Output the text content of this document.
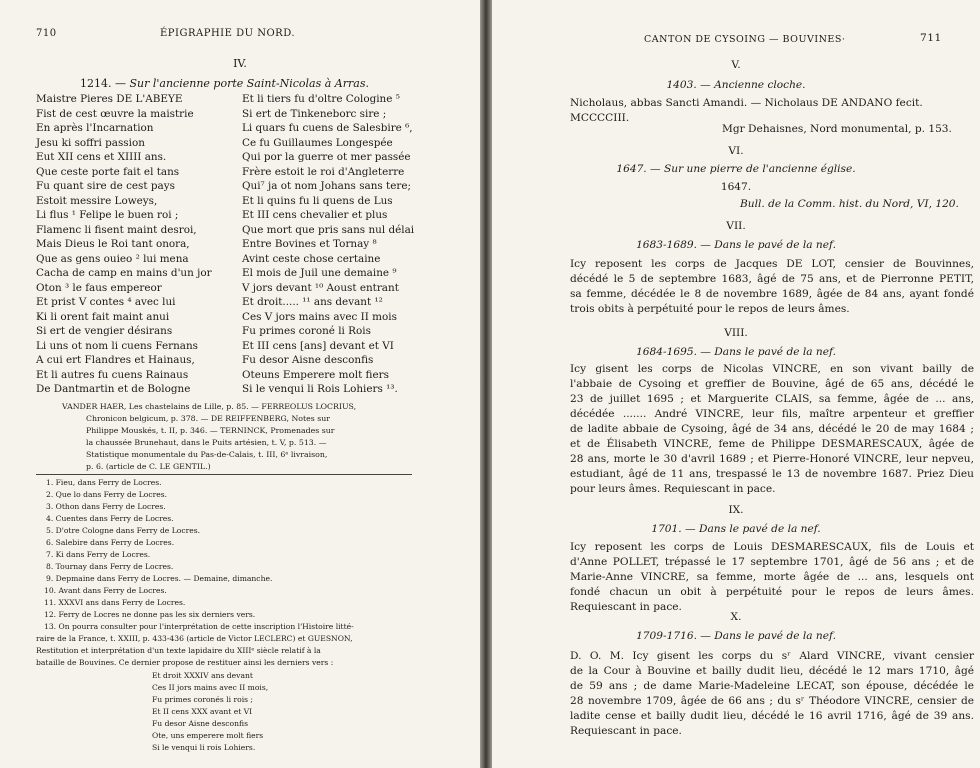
710	ÉPIGRAPHIE DU NORD.
IV.
1214. — Sur l'ancienne porte Saint-Nicolas à Arras.
Maistre Pieres DE L'ABEYE
Fist de cest œuvre la maistrie
En après l'Incarnation
Jesu ki soffri passion
Eut XII cens et XIIII ans.
Que ceste porte fait el tans
Fu quant sire de cest pays
Estoit messire Loweys,
Li flus ¹ Felipe le buen roi ;
Flamenc li fisent maint desroi,
Mais Dieus le Roi tant onora,
Que as gens ouieo ² lui mena
Cacha de camp en mains d'un jor
Oton ³ le faus empereor
Et prist V contes ⁴ avec lui
Ki li orent fait maint anui
Si ert de vengier désirans
Li uns ot nom li cuens Fernans
A cui ert Flandres et Hainaus,
Et li autres fu cuens Rainaus
De Dantmartin et de Bologne
Et li tiers fu d'oltre Cologine ⁵
Si ert de Tinkeneborc sire ;
Li quars fu cuens de Salesbire ⁶,
Ce fu Guillaumes Longespée
Qui por la guerre ot mer passée
Frère estoit le roi d'Angleterre
Qui⁷ ja ot nom Johans sans tere;
Et li quins fu li quens de Lus
Et III cens chevalier et plus
Que mort que pris sans nul délai
Entre Bovines et Tornay ⁸
Avint ceste chose certaine
El mois de Juil une demaine ⁹
V jors devant ¹⁰ Aoust entrant
Et droit..... ¹¹ ans devant ¹²
Ces V jors mains avec II mois
Fu primes coroné li Rois
Et III cens [ans] devant et VI
Fu desor Aisne desconfis
Oteuns Emperere molt fiers
Si le venqui li Rois Lohiers ¹³.
VANDER HAER, Les chastelains de Lille, p. 85. — FERREOLUS LOCRIUS,
Chronicon belgicum, p. 378. — DE REIFFENBERG, Notes sur
Philippe Mouskés, t. II, p. 346. — TERNINCK, Promenades sur
la chaussée Brunehaut, dans le Puits artésien, t. V, p. 513. —
Statistique monumentale du Pas-de-Calais, t. III, 6ᵉ livraison,
p. 6. (article de C. LE GENTIL.)
1. Fieu, dans Ferry de Locres.
2. Que lo dans Ferry de Locres.
3. Othon dans Ferry de Locres.
4. Cuentes dans Ferry de Locres.
5. D'otre Cologne dans Ferry de Locres.
6. Salebire dans Ferry de Locres.
7. Ki dans Ferry de Locres.
8. Tournay dans Ferry de Locres.
9. Depmaine dans Ferry de Locres. — Demaine, dimanche.
10. Avant dans Ferry de Locres.
11. XXXVI ans dans Ferry de Locres.
12. Ferry de Locres ne donne pas les six derniers vers.
13. On pourra consulter pour l'interprétation de cette inscription l'Histoire litté-
raire de la France, t. XXIII, p. 433-436 (article de Victor LECLERC) et GUESNON,
Restitution et interprétation d'un texte lapidaire du XIIIᵉ siècle relatif à la
bataille de Bouvines. Ce dernier propose de restituer ainsi les derniers vers :
Et droit XXXIV ans devant
Ces II jors mains avec II mois,
Fu primes coronés li rois ;
Et II cens XXX avant et VI
Fu desor Aisne desconfis
Ote, uns emperere molt fiers
Si le venqui li rois Lohiers.
CANTON DE CYSOING — BOUVINES·	711
V.
1403. — Ancienne cloche.
Nicholaus, abbas Sancti Amandi. — Nicholaus DE ANDANO fecit.
MCCCCIII.
Mgr Dehaisnes, Nord monumental, p. 153.
VI.
1647. — Sur une pierre de l'ancienne église.
1647.
Bull. de la Comm. hist. du Nord, VI, 120.
VII.
1683-1689. — Dans le pavé de la nef.
Icy reposent les corps de Jacques DE LOT, censier de Bouvinnes,
décédé le 5 de septembre 1683, âgé de 75 ans, et de Pierronne PETIT,
sa femme, décédée le 8 de novembre 1689, âgée de 84 ans, ayant fondé
trois obits à perpétuité pour le repos de leurs âmes.
VIII.
1684-1695. — Dans le pavé de la nef.
Icy gisent les corps de Nicolas VINCRE, en son vivant bailly de
l'abbaie de Cysoing et greffier de Bouvine, âgé de 65 ans, décédé le
23 de juillet 1695 ; et Marguerite CLAIS, sa femme, âgée de ... ans,
décédée ....... André VINCRE, leur fils, maître arpenteur et greffier
de ladite abbaie de Cysoing, âgé de 34 ans, décédé le 20 de may 1684 ;
et de Élisabeth VINCRE, feme de Philippe DESMARESCAUX, âgée de
28 ans, morte le 30 d'avril 1689 ; et Pierre-Honoré VINCRE, leur nepveu,
estudiant, âgé de 11 ans, trespassé le 13 de novembre 1687. Priez Dieu
pour leurs âmes. Requiescant in pace.
IX.
1701. — Dans le pavé de la nef.
Icy reposent les corps de Louis DESMARESCAUX, fils de Louis et
d'Anne POLLET, trépassé le 17 septembre 1701, âgé de 56 ans ; et de
Marie-Anne VINCRE, sa femme, morte âgée de ... ans, lesquels ont
fondé chacun un obit à perpétuité pour le repos de leurs âmes.
Requiescant in pace.
X.
1709-1716. — Dans le pavé de la nef.
D. O. M. Icy gisent les corps du sʳ Alard VINCRE, vivant censier
de la Cour à Bouvine et bailly dudit lieu, décédé le 12 mars 1710, âgé
de 59 ans ; de dame Marie-Madeleine LECAT, son épouse, décédée le
28 novembre 1709, âgée de 66 ans ; du sʳ Théodore VINCRE, censier de
ladite cense et bailly dudit lieu, décédé le 16 avril 1716, âgé de 39 ans.
Requiescant in pace.
